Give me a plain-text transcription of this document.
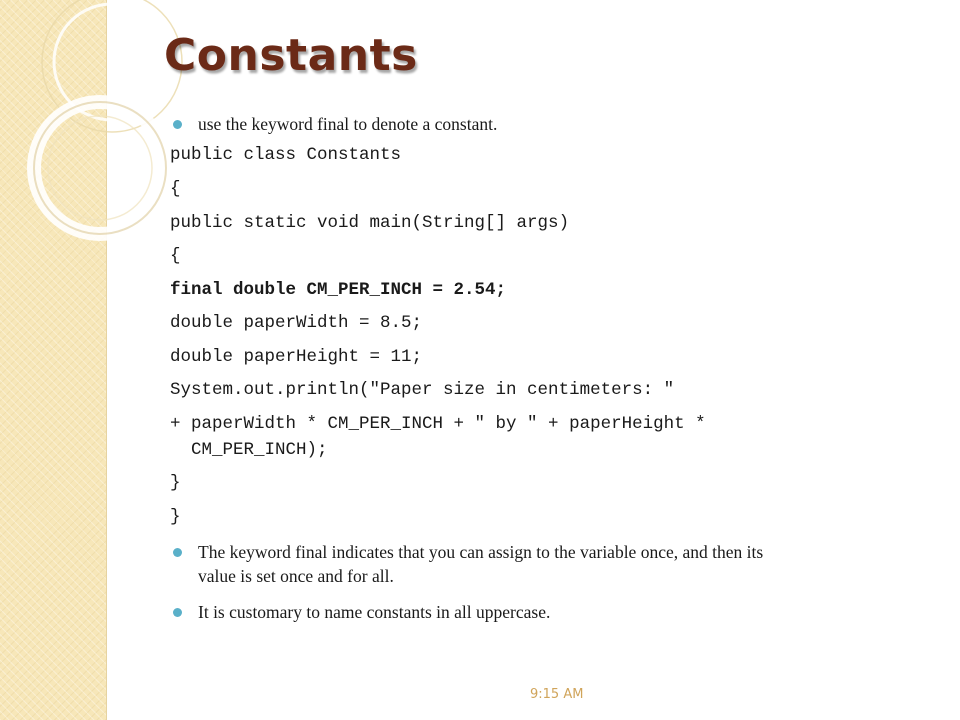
Constants
use the keyword final to denote a constant.
public class Constants
{
public static void main(String[] args)
{
final double CM_PER_INCH = 2.54;
double paperWidth = 8.5;
double paperHeight = 11;
System.out.println("Paper size in centimeters: "
+ paperWidth * CM_PER_INCH + " by " + paperHeight *
CM_PER_INCH);
}
}
The keyword final indicates that you can assign to the variable once, and then its
value is set once and for all.
It is customary to name constants in all uppercase.
9:15 AM
